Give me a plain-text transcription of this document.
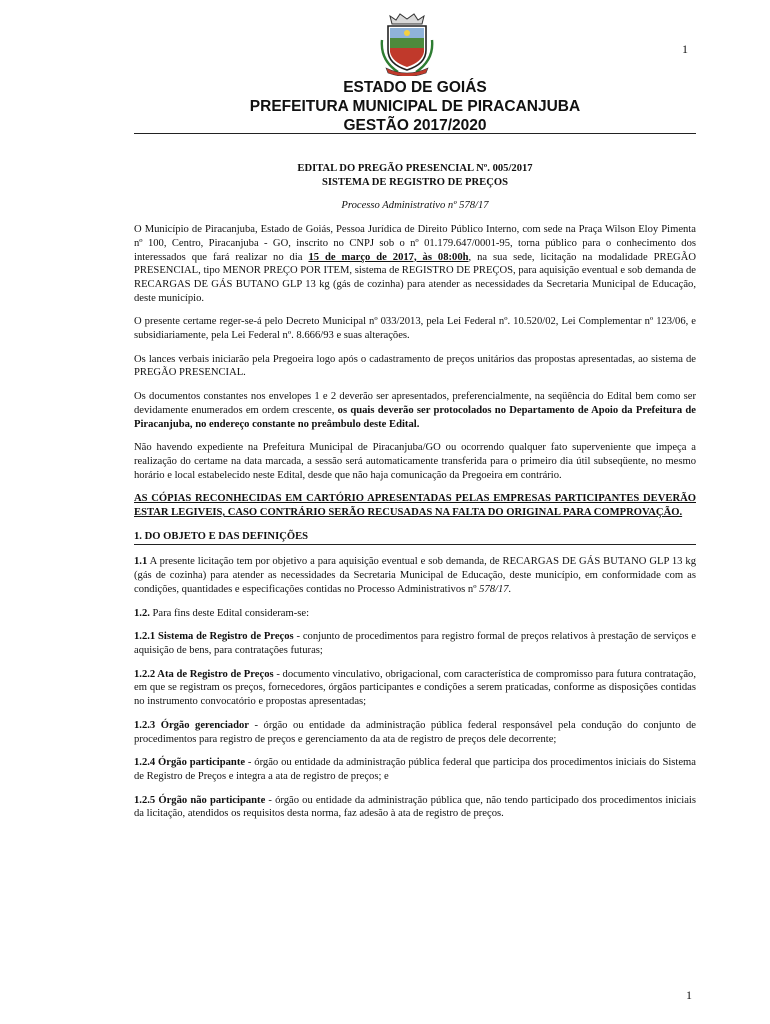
1
ESTADO DE GOIÁS
PREFEITURA MUNICIPAL DE PIRACANJUBA
GESTÃO 2017/2020
EDITAL DO PREGÃO PRESENCIAL Nº. 005/2017
SISTEMA DE REGISTRO DE PREÇOS
Processo Administrativo nº 578/17

O Município de Piracanjuba, Estado de Goiás, Pessoa Jurídica de Direito Público Interno, com sede na Praça Wilson Eloy Pimenta nº 100, Centro, Piracanjuba - GO, inscrito no CNPJ sob o nº 01.179.647/0001-95, torna público para o conhecimento dos interessados que fará realizar no dia 15 de março de 2017, às 08:00h, na sua sede, licitação na modalidade PREGÃO PRESENCIAL, tipo MENOR PREÇO POR ITEM, sistema de REGISTRO DE PREÇOS, para aquisição eventual e sob demanda de RECARGAS DE GÁS BUTANO GLP 13 kg (gás de cozinha) para atender as necessidades da Secretaria Municipal de Educação, deste município.

O presente certame reger-se-á pelo Decreto Municipal nº 033/2013, pela Lei Federal nº. 10.520/02, Lei Complementar nº 123/06, e subsidiariamente, pela Lei Federal nº. 8.666/93 e suas alterações.

Os lances verbais iniciarão pela Pregoeira logo após o cadastramento de preços unitários das propostas apresentadas, ao sistema de PREGÃO PRESENCIAL.

Os documentos constantes nos envelopes 1 e 2 deverão ser apresentados, preferencialmente, na seqüência do Edital bem como ser devidamente enumerados em ordem crescente, os quais deverão ser protocolados no Departamento de Apoio da Prefeitura de Piracanjuba, no endereço constante no preâmbulo deste Edital.

Não havendo expediente na Prefeitura Municipal de Piracanjuba/GO ou ocorrendo qualquer fato superveniente que impeça a realização do certame na data marcada, a sessão será automaticamente transferida para o primeiro dia útil subseqüente, no mesmo horário e local estabelecido neste Edital, desde que não haja comunicação da Pregoeira em contrário.

AS CÓPIAS RECONHECIDAS EM CARTÓRIO APRESENTADAS PELAS EMPRESAS PARTICIPANTES DEVERÃO ESTAR LEGIVEIS, CASO CONTRÁRIO SERÃO RECUSADAS NA FALTA DO ORIGINAL PARA COMPROVAÇÃO.

1. DO OBJETO E DAS DEFINIÇÕES

1.1 A presente licitação tem por objetivo a para aquisição eventual e sob demanda, de RECARGAS DE GÁS BUTANO GLP 13 kg (gás de cozinha) para atender as necessidades da Secretaria Municipal de Educação, deste município, em conformidade com as condições, quantidades e especificações contidas no Processo Administrativos nº 578/17.

1.2. Para fins deste Edital consideram-se:

1.2.1 Sistema de Registro de Preços - conjunto de procedimentos para registro formal de preços relativos à prestação de serviços e aquisição de bens, para contratações futuras;

1.2.2 Ata de Registro de Preços - documento vinculativo, obrigacional, com característica de compromisso para futura contratação, em que se registram os preços, fornecedores, órgãos participantes e condições a serem praticadas, conforme as disposições contidas no instrumento convocatório e propostas apresentadas;

1.2.3 Órgão gerenciador - órgão ou entidade da administração pública federal responsável pela condução do conjunto de procedimentos para registro de preços e gerenciamento da ata de registro de preços dele decorrente;

1.2.4 Órgão participante - órgão ou entidade da administração pública federal que participa dos procedimentos iniciais do Sistema de Registro de Preços e integra a ata de registro de preços; e

1.2.5 Órgão não participante - órgão ou entidade da administração pública que, não tendo participado dos procedimentos iniciais da licitação, atendidos os requisitos desta norma, faz adesão à ata de registro de preços.

1
